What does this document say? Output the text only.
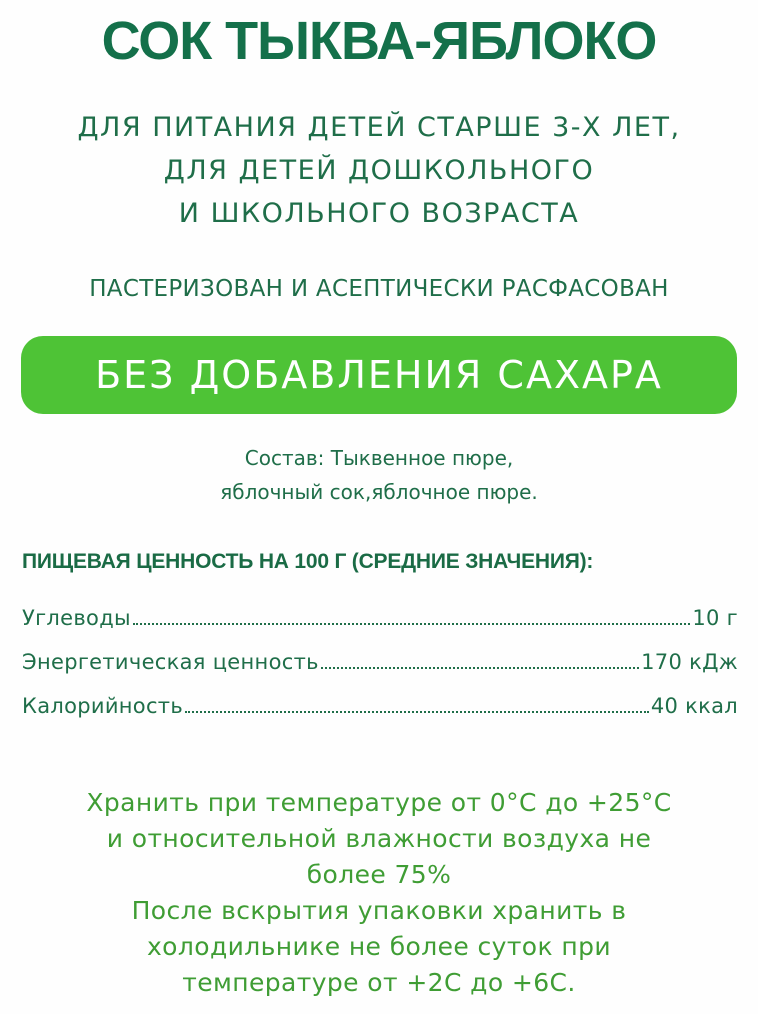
СОК ТЫКВА-ЯБЛОКО
ДЛЯ ПИТАНИЯ ДЕТЕЙ СТАРШЕ 3-Х ЛЕТ,
ДЛЯ ДЕТЕЙ ДОШКОЛЬНОГО
И ШКОЛЬНОГО ВОЗРАСТА
ПАСТЕРИЗОВАН И АСЕПТИЧЕСКИ РАСФАСОВАН
БЕЗ ДОБАВЛЕНИЯ САХАРА
Состав: Тыквенное пюре,
яблочный сок,яблочное пюре.
ПИЩЕВАЯ ЦЕННОСТЬ НА 100 Г (СРЕДНИЕ ЗНАЧЕНИЯ):
Углеводы	10 г
Энергетическая ценность	170 кДж
Калорийность	40 ккал
Хранить при температуре от 0°С до +25°С
и относительной влажности воздуха не
более 75%
После вскрытия упаковки хранить в
холодильнике не более суток при
температуре от +2С до +6С.
